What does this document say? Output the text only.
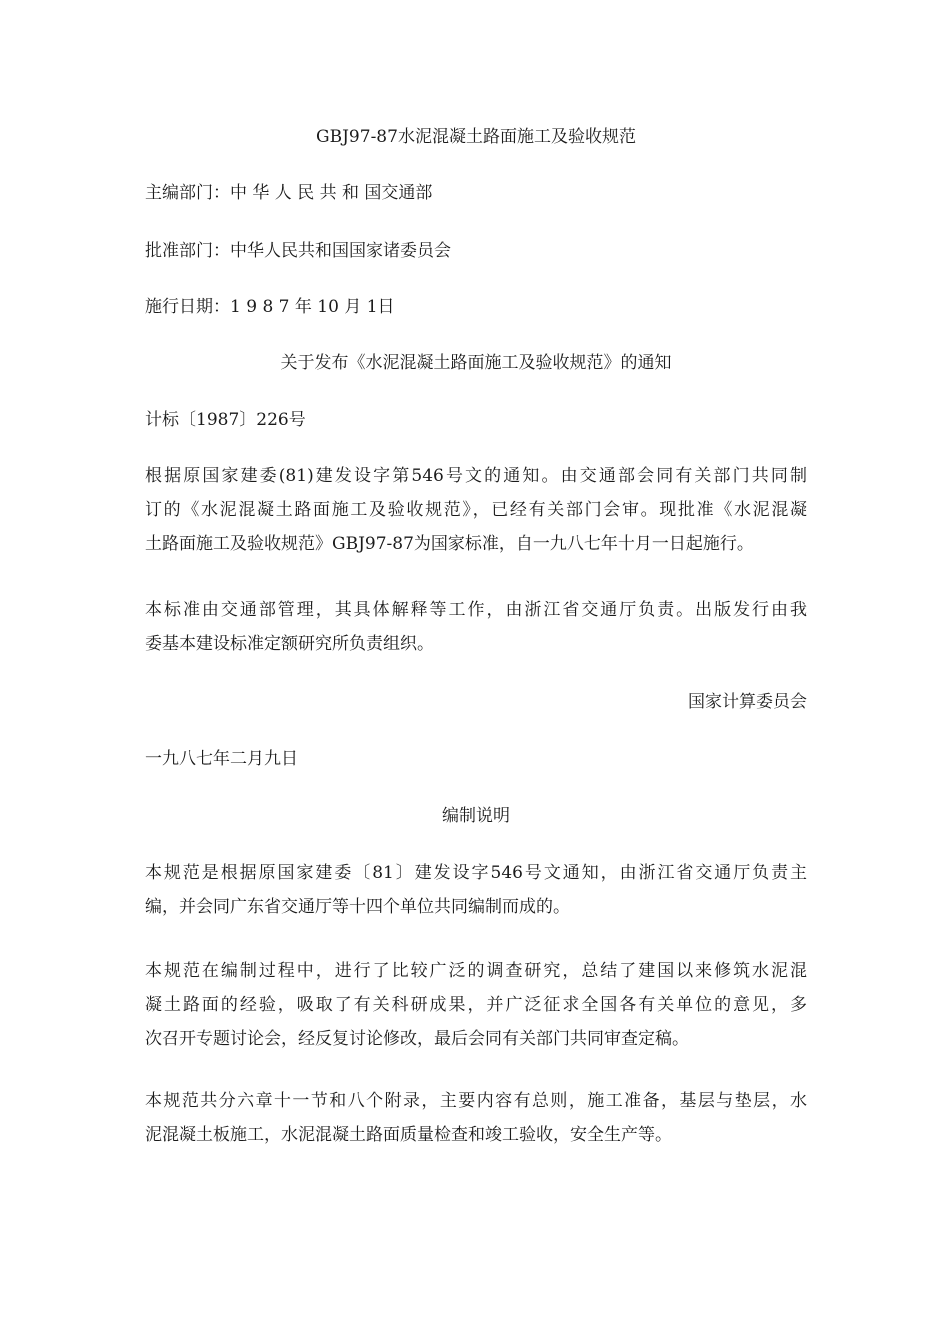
GBJ97-87水泥混凝土路面施工及验收规范
主编部门：中 华 人 民 共 和 国交通部
批准部门：中华人民共和国国家诸委员会
施行日期：1 9 8 7 年 10 月 1日
关于发布《水泥混凝土路面施工及验收规范》的通知
计标〔1987〕226号
根据原国家建委(81)建发设字第546号文的通知。由交通部会同有关部门共同制
订的《水泥混凝土路面施工及验收规范》，已经有关部门会审。现批准《水泥混凝
土路面施工及验收规范》GBJ97-87为国家标准，自一九八七年十月一日起施行。
本标准由交通部管理，其具体解释等工作，由浙江省交通厅负责。出版发行由我
委基本建设标准定额研究所负责组织。
国家计算委员会
一九八七年二月九日
编制说明
本规范是根据原国家建委〔81〕建发设字546号文通知，由浙江省交通厅负责主
编，并会同广东省交通厅等十四个单位共同编制而成的。
本规范在编制过程中，进行了比较广泛的调查研究，总结了建国以来修筑水泥混
凝土路面的经验，吸取了有关科研成果，并广泛征求全国各有关单位的意见，多
次召开专题讨论会，经反复讨论修改，最后会同有关部门共同审查定稿。
本规范共分六章十一节和八个附录，主要内容有总则，施工准备，基层与垫层，水
泥混凝土板施工，水泥混凝土路面质量检查和竣工验收，安全生产等。
